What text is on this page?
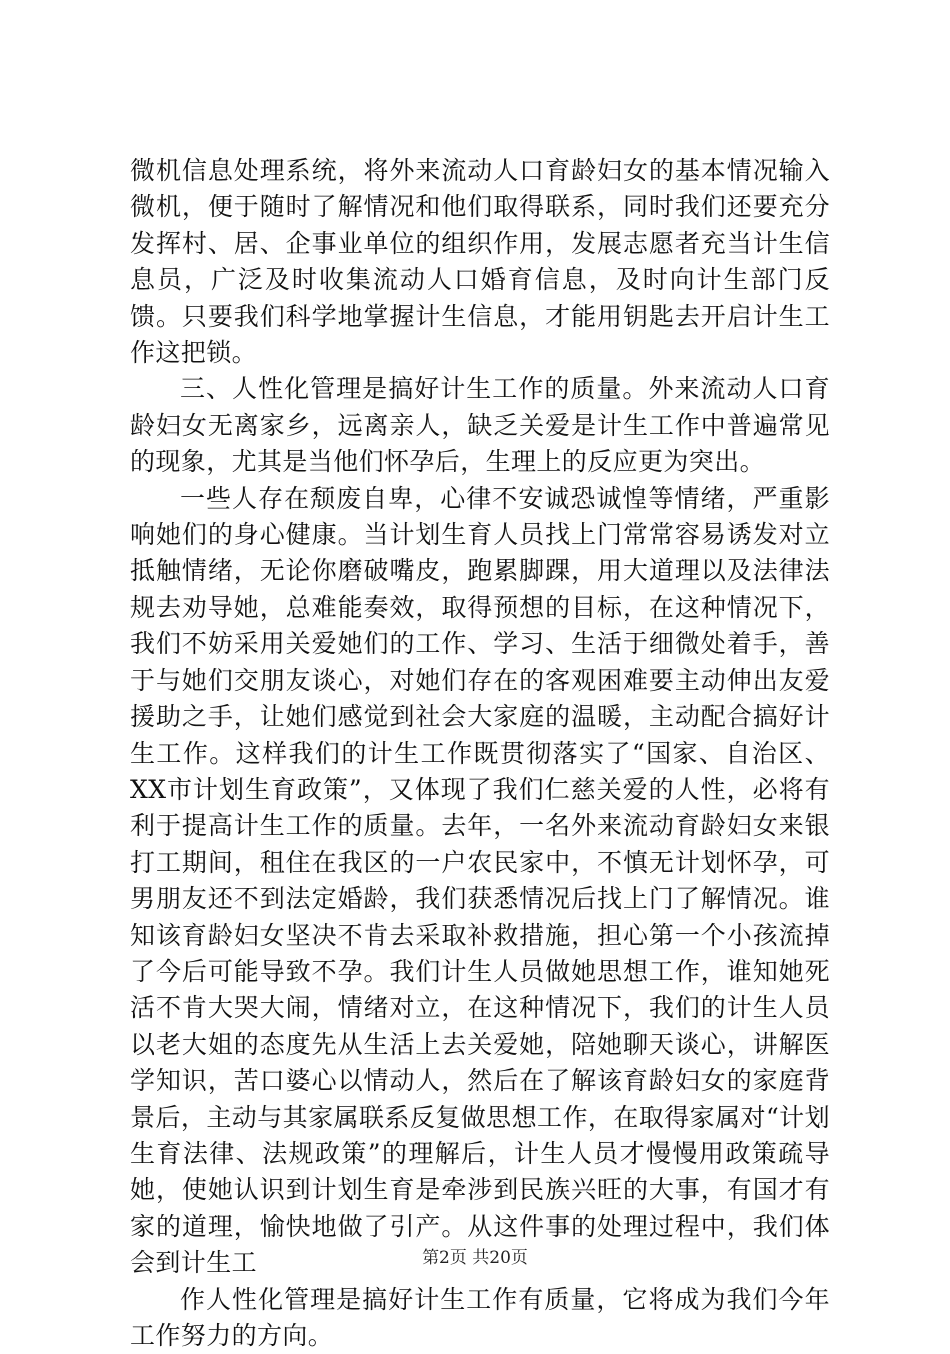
微机信息处理系统，将外来流动人口育龄妇女的基本情况输入微机，便于随时了解情况和他们取得联系，同时我们还要充分发挥村、居、企事业单位的组织作用，发展志愿者充当计生信息员，广泛及时收集流动人口婚育信息，及时向计生部门反馈。只要我们科学地掌握计生信息，才能用钥匙去开启计生工作这把锁。

三、人性化管理是搞好计生工作的质量。外来流动人口育龄妇女无离家乡，远离亲人，缺乏关爱是计生工作中普遍常见的现象，尤其是当他们怀孕后，生理上的反应更为突出。

一些人存在颓废自卑，心律不安诚恐诚惶等情绪，严重影响她们的身心健康。当计划生育人员找上门常常容易诱发对立抵触情绪，无论你磨破嘴皮，跑累脚踝，用大道理以及法律法规去劝导她，总难能奏效，取得预想的目标，在这种情况下，我们不妨采用关爱她们的工作、学习、生活于细微处着手，善于与她们交朋友谈心，对她们存在的客观困难要主动伸出友爱援助之手，让她们感觉到社会大家庭的温暖，主动配合搞好计生工作。这样我们的计生工作既贯彻落实了“国家、自治区、XX市计划生育政策”，又体现了我们仁慈关爱的人性，必将有利于提高计生工作的质量。去年，一名外来流动育龄妇女来银打工期间，租住在我区的一户农民家中，不慎无计划怀孕，可男朋友还不到法定婚龄，我们获悉情况后找上门了解情况。谁知该育龄妇女坚决不肯去采取补救措施，担心第一个小孩流掉了今后可能导致不孕。我们计生人员做她思想工作，谁知她死活不肯大哭大闹，情绪对立，在这种情况下，我们的计生人员以老大姐的态度先从生活上去关爱她，陪她聊天谈心，讲解医学知识，苦口婆心以情动人，然后在了解该育龄妇女的家庭背景后，主动与其家属联系反复做思想工作，在取得家属对“计划生育法律、法规政策”的理解后，计生人员才慢慢用政策疏导她，使她认识到计划生育是牵涉到民族兴旺的大事，有国才有家的道理，愉快地做了引产。从这件事的处理过程中，我们体会到计生工

作人性化管理是搞好计生工作有质量，它将成为我们今年工作努力的方向。

第2页 共20页
